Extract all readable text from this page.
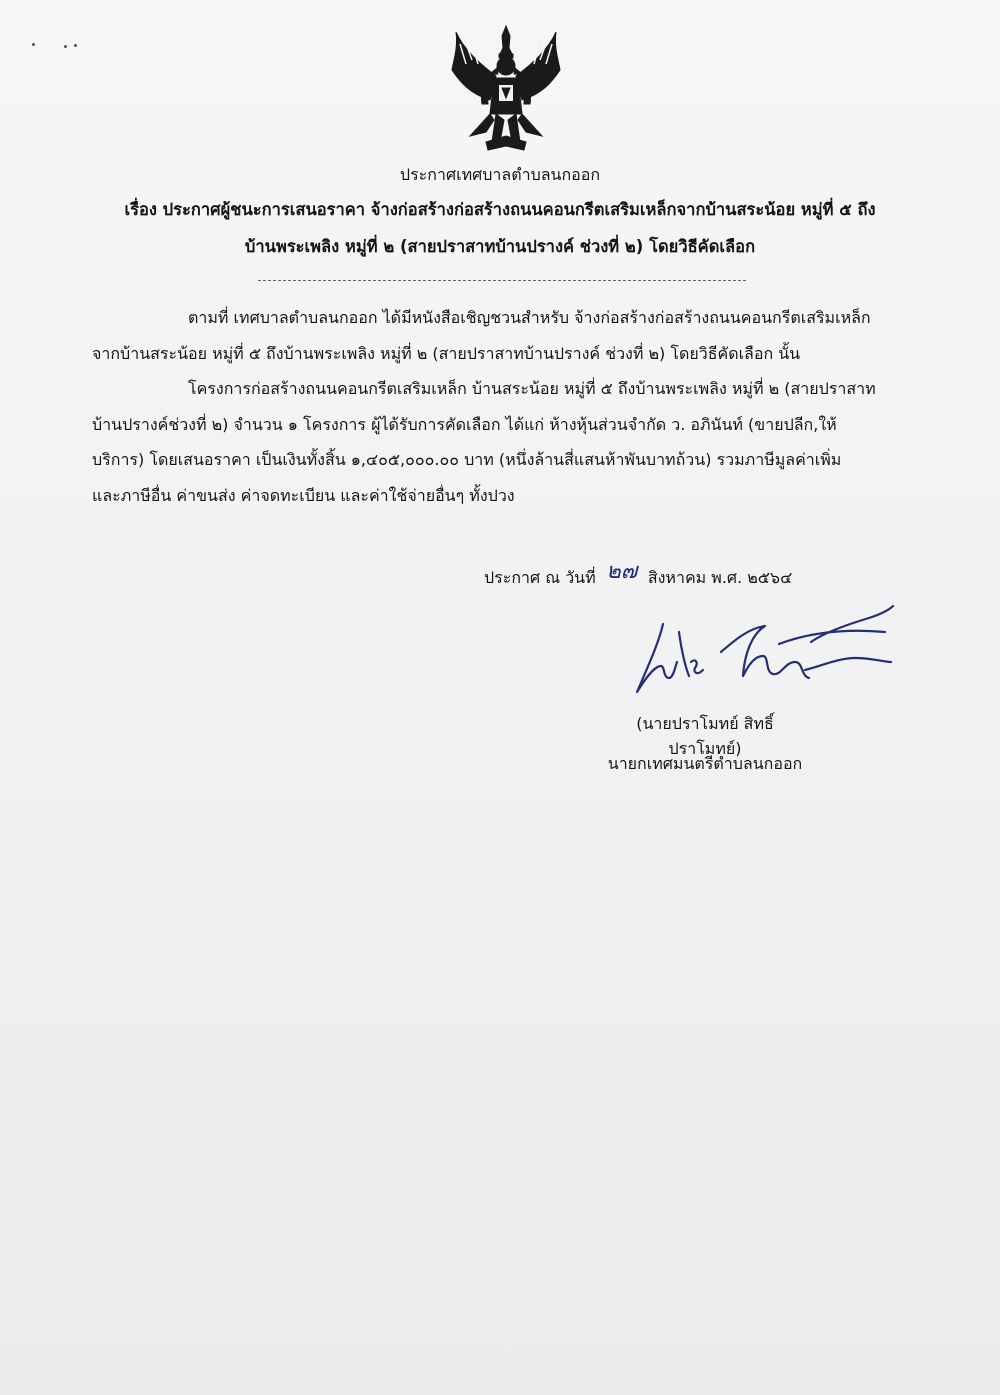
ประกาศเทศบาลตำบลนกออก
เรื่อง ประกาศผู้ชนะการเสนอราคา จ้างก่อสร้างก่อสร้างถนนคอนกรีตเสริมเหล็กจากบ้านสระน้อย หมู่ที่ ๕ ถึง
บ้านพระเพลิง หมู่ที่ ๒ (สายปราสาทบ้านปรางค์ ช่วงที่ ๒) โดยวิธีคัดเลือก

ตามที่ เทศบาลตำบลนกออก ได้มีหนังสือเชิญชวนสำหรับ จ้างก่อสร้างก่อสร้างถนนคอนกรีตเสริมเหล็ก

จากบ้านสระน้อย หมู่ที่ ๕ ถึงบ้านพระเพลิง หมู่ที่ ๒ (สายปราสาทบ้านปรางค์ ช่วงที่ ๒) โดยวิธีคัดเลือก นั้น

โครงการก่อสร้างถนนคอนกรีตเสริมเหล็ก บ้านสระน้อย หมู่ที่ ๕ ถึงบ้านพระเพลิง หมู่ที่ ๒ (สายปราสาท

บ้านปรางค์ช่วงที่ ๒) จำนวน ๑ โครงการ ผู้ได้รับการคัดเลือก ได้แก่ ห้างหุ้นส่วนจำกัด ว. อภินันท์ (ขายปลีก,ให้

บริการ) โดยเสนอราคา เป็นเงินทั้งสิ้น ๑,๔๐๕,๐๐๐.๐๐ บาท (หนึ่งล้านสี่แสนห้าพันบาทถ้วน) รวมภาษีมูลค่าเพิ่ม

และภาษีอื่น ค่าขนส่ง ค่าจดทะเบียน และค่าใช้จ่ายอื่นๆ ทั้งปวง

ประกาศ ณ วันที่ ๒๗ สิงหาคม พ.ศ. ๒๕๖๔
(นายปราโมทย์ สิทธิ์ปราโมทย์)
นายกเทศมนตรีตำบลนกออก
